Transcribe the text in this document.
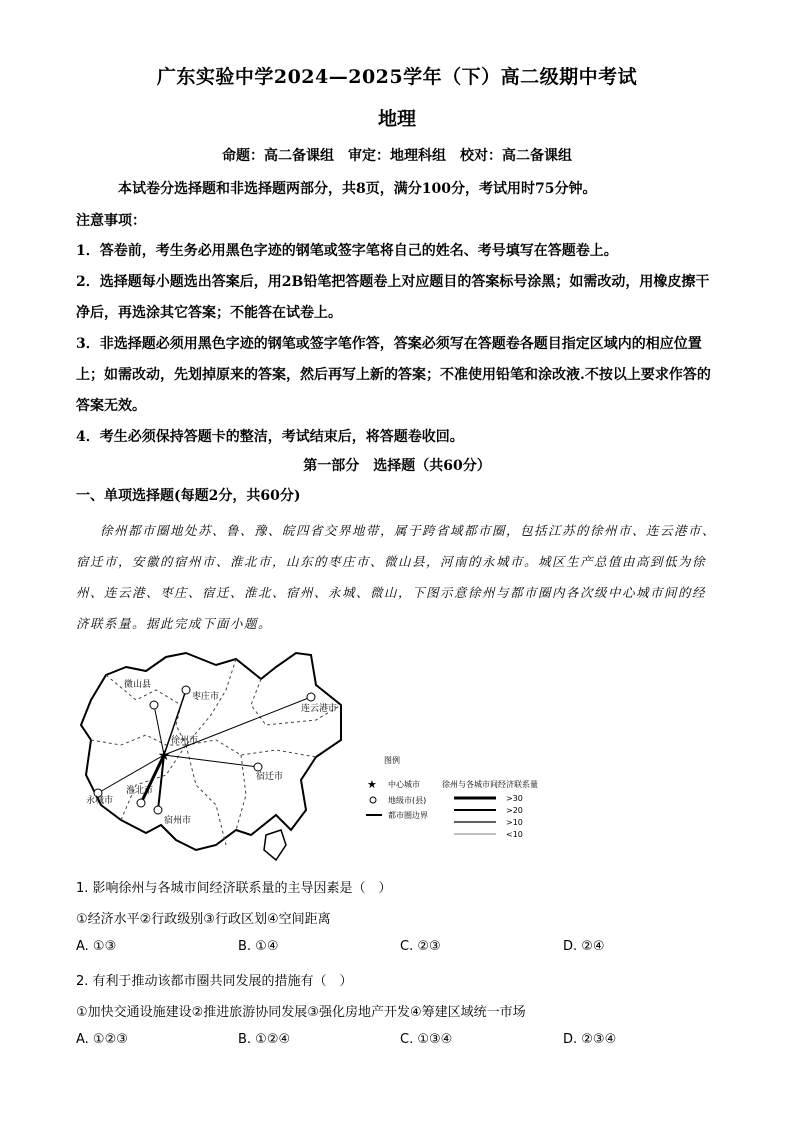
广东实验中学2024—2025学年（下）高二级期中考试
地理
命题：高二备课组　审定：地理科组　校对：高二备课组
本试卷分选择题和非选择题两部分，共8页，满分100分，考试用时75分钟。
注意事项：
1．答卷前，考生务必用黑色字迹的钢笔或签字笔将自己的姓名、考号填写在答题卷上。
2．选择题每小题选出答案后，用2B铅笔把答题卷上对应题目的答案标号涂黑；如需改动，用橡皮擦干净后，再选涂其它答案；不能答在试卷上。
3．非选择题必须用黑色字迹的钢笔或签字笔作答，答案必须写在答题卷各题目指定区域内的相应位置上；如需改动，先划掉原来的答案，然后再写上新的答案；不准使用铅笔和涂改液.不按以上要求作答的答案无效。
4．考生必须保持答题卡的整洁，考试结束后，将答题卷收回。
第一部分　选择题（共60分）
一、单项选择题(每题2分，共60分)
徐州都市圈地处苏、鲁、豫、皖四省交界地带，属于跨省域都市圈，包括江苏的徐州市、连云港市、宿迁市，安徽的宿州市、淮北市，山东的枣庄市、微山县，河南的永城市。城区生产总值由高到低为徐州、连云港、枣庄、宿迁、淮北、宿州、永城、微山，下图示意徐州与都市圈内各次级中心城市间的经济联系量。据此完成下面小题。
★
徐州市
微山县
枣庄市
连云港市
宿迁市
淮北市
永城市
宿州市
图例
★ 中心城市
地级市(县)
都市圈边界
徐州与各城市间经济联系量
>30
>20
>10
<10
1. 影响徐州与各城市间经济联系量的主导因素是（　）
①经济水平②行政级别③行政区划④空间距离
A. ①③	B. ①④	C. ②③	D. ②④
2. 有利于推动该都市圈共同发展的措施有（　）
①加快交通设施建设②推进旅游协同发展③强化房地产开发④筹建区域统一市场
A. ①②③	B. ①②④	C. ①③④	D. ②③④
